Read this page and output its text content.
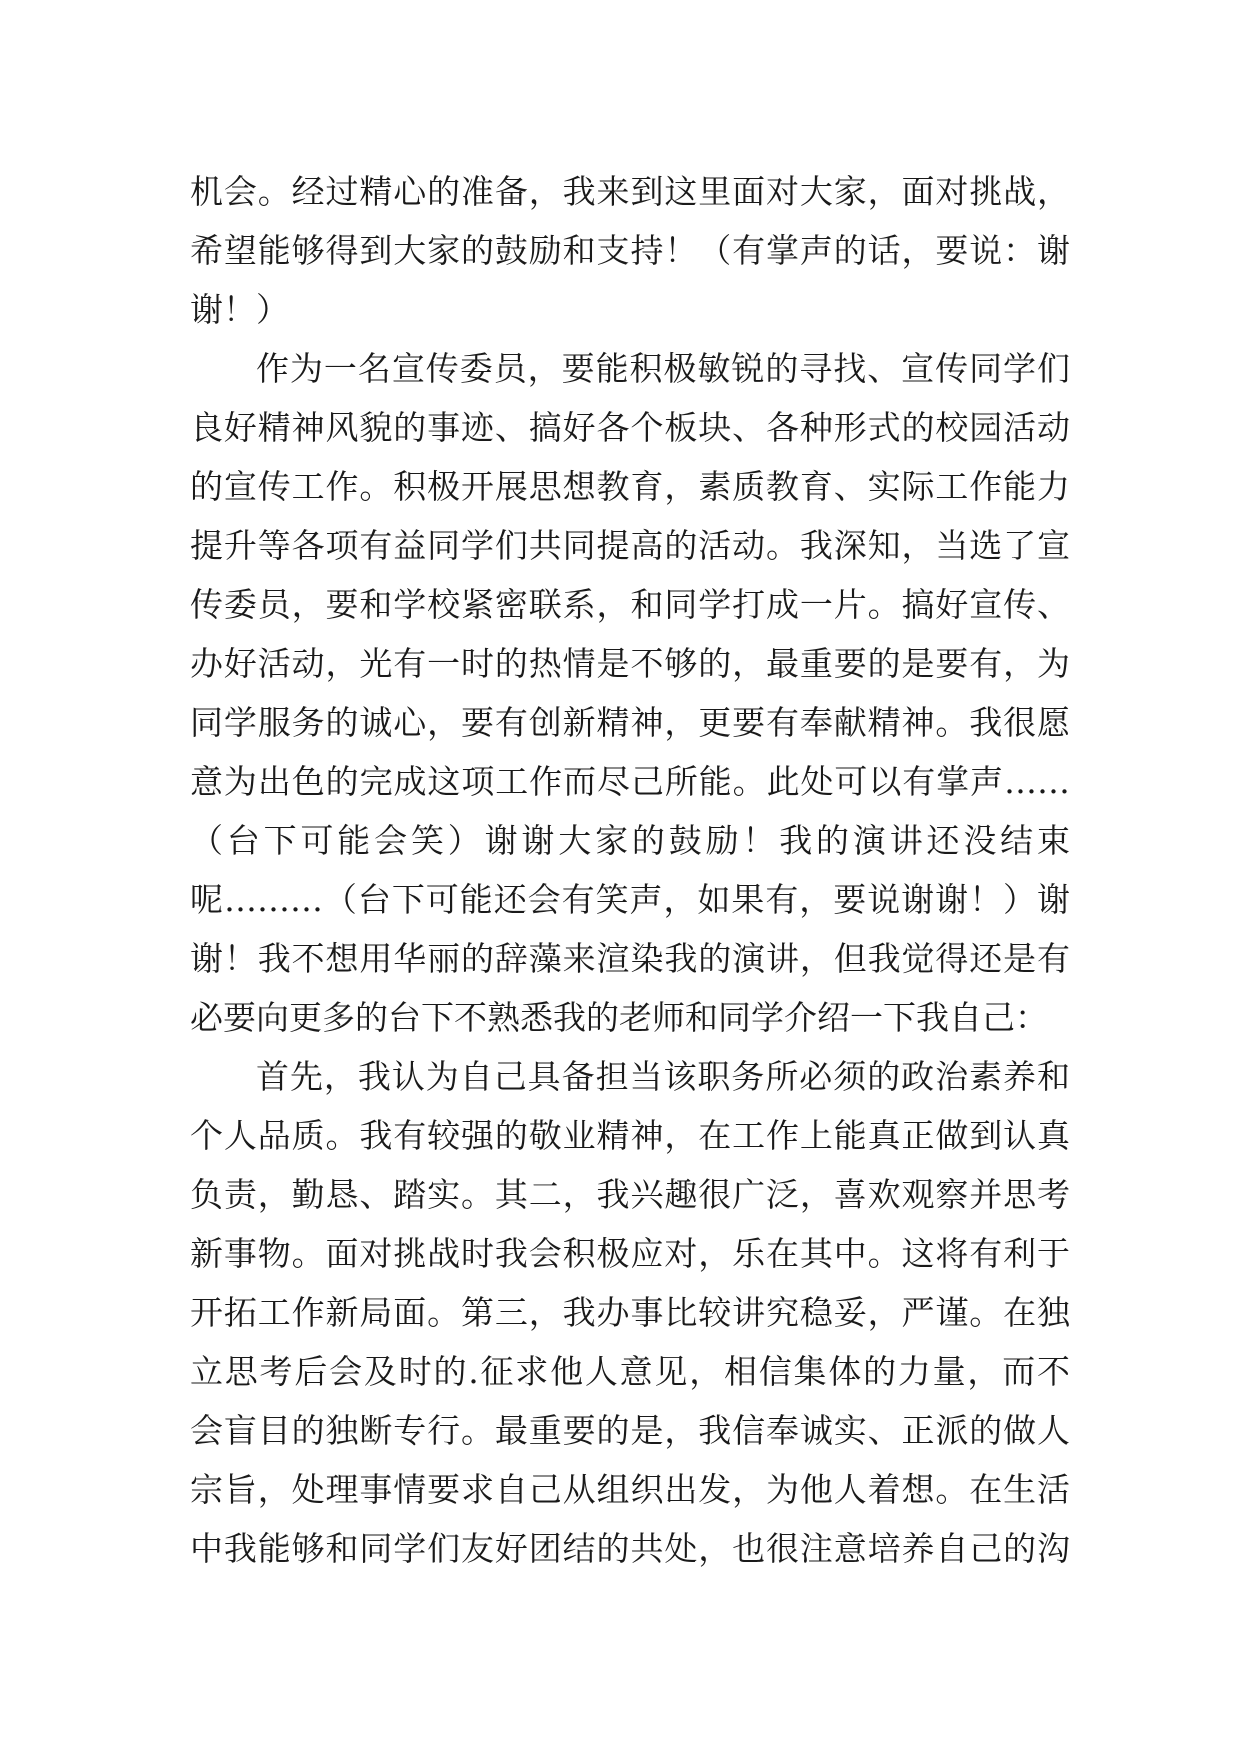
机会。经过精心的准备，我来到这里面对大家，面对挑战，
希望能够得到大家的鼓励和支持！（有掌声的话，要说：谢
谢！）
作为一名宣传委员，要能积极敏锐的寻找、宣传同学们
良好精神风貌的事迹、搞好各个板块、各种形式的校园活动
的宣传工作。积极开展思想教育，素质教育、实际工作能力
提升等各项有益同学们共同提高的活动。我深知，当选了宣
传委员，要和学校紧密联系，和同学打成一片。搞好宣传、
办好活动，光有一时的热情是不够的，最重要的是要有，为
同学服务的诚心，要有创新精神，更要有奉献精神。我很愿
意为出色的完成这项工作而尽己所能。此处可以有掌声……
（台下可能会笑）谢谢大家的鼓励！我的演讲还没结束
呢………（台下可能还会有笑声，如果有，要说谢谢！）谢
谢！我不想用华丽的辞藻来渲染我的演讲，但我觉得还是有
必要向更多的台下不熟悉我的老师和同学介绍一下我自己：
首先，我认为自己具备担当该职务所必须的政治素养和
个人品质。我有较强的敬业精神，在工作上能真正做到认真
负责，勤恳、踏实。其二，我兴趣很广泛，喜欢观察并思考
新事物。面对挑战时我会积极应对，乐在其中。这将有利于
开拓工作新局面。第三，我办事比较讲究稳妥，严谨。在独
立思考后会及时的.征求他人意见，相信集体的力量，而不
会盲目的独断专行。最重要的是，我信奉诚实、正派的做人
宗旨，处理事情要求自己从组织出发，为他人着想。在生活
中我能够和同学们友好团结的共处，也很注意培养自己的沟
